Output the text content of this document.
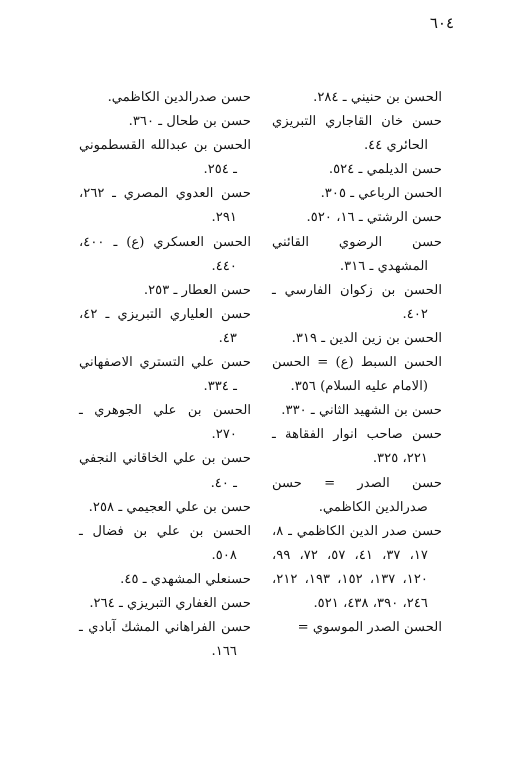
٦٠٤

الحسن بن حنيني ـ ٢٨٤.

حسن خان القاجاري التبريزي الحائري ٤٤.

حسن الديلمي ـ ٥٢٤.

الحسن الرباعي ـ ٣٠٥.

حسن الرشتي ـ ١٦، ٥٢٠.

حسن الرضوي القائني المشهدي ـ ٣١٦.

الحسن بن زكوان الفارسي ـ ٤٠٢.

الحسن بن زين الدين ـ ٣١٩.

الحسن السبط (ع) = الحسن (الامام عليه السلام) ٣٥٦.

حسن بن الشهيد الثاني ـ ٣٣٠.

حسن صاحب انوار الفقاهة ـ ٢٢١، ٣٢٥.

حسن الصدر = حسن صدرالدين الكاظمي.

حسن صدر الدين الكاظمي ـ ٨، ١٧، ٣٧، ٤١، ٥٧، ٧٢، ٩٩، ١٢٠، ١٣٧، ١٥٢، ١٩٣، ٢١٢، ٢٤٦، ٣٩٠، ٤٣٨، ٥٢١.

الحسن الصدر الموسوي =

حسن صدرالدين الكاظمي.

حسن بن طحال ـ ٣٦٠.

الحسن بن عبدالله القسطموني ـ ٢٥٤.

حسن العدوي المصري ـ ٢٦٢، ٢٩١.

الحسن العسكري (ع) ـ ٤٠٠، ٤٤٠.

حسن العطار ـ ٢٥٣.

حسن العلياري التبريزي ـ ٤٢، ٤٣.

حسن علي التستري الاصفهاني ـ ٣٣٤.

الحسن بن علي الجوهري ـ ٢٧٠.

حسن بن علي الخاقاني النجفي ـ ٤٠.

حسن بن علي العجيمي ـ ٢٥٨.

الحسن بن علي بن فضال ـ ٥٠٨.

حسنعلي المشهدي ـ ٤٥.

حسن الغفاري التبريزي ـ ٢٦٤.

حسن الفراهاني المشك آبادي ـ ١٦٦.
